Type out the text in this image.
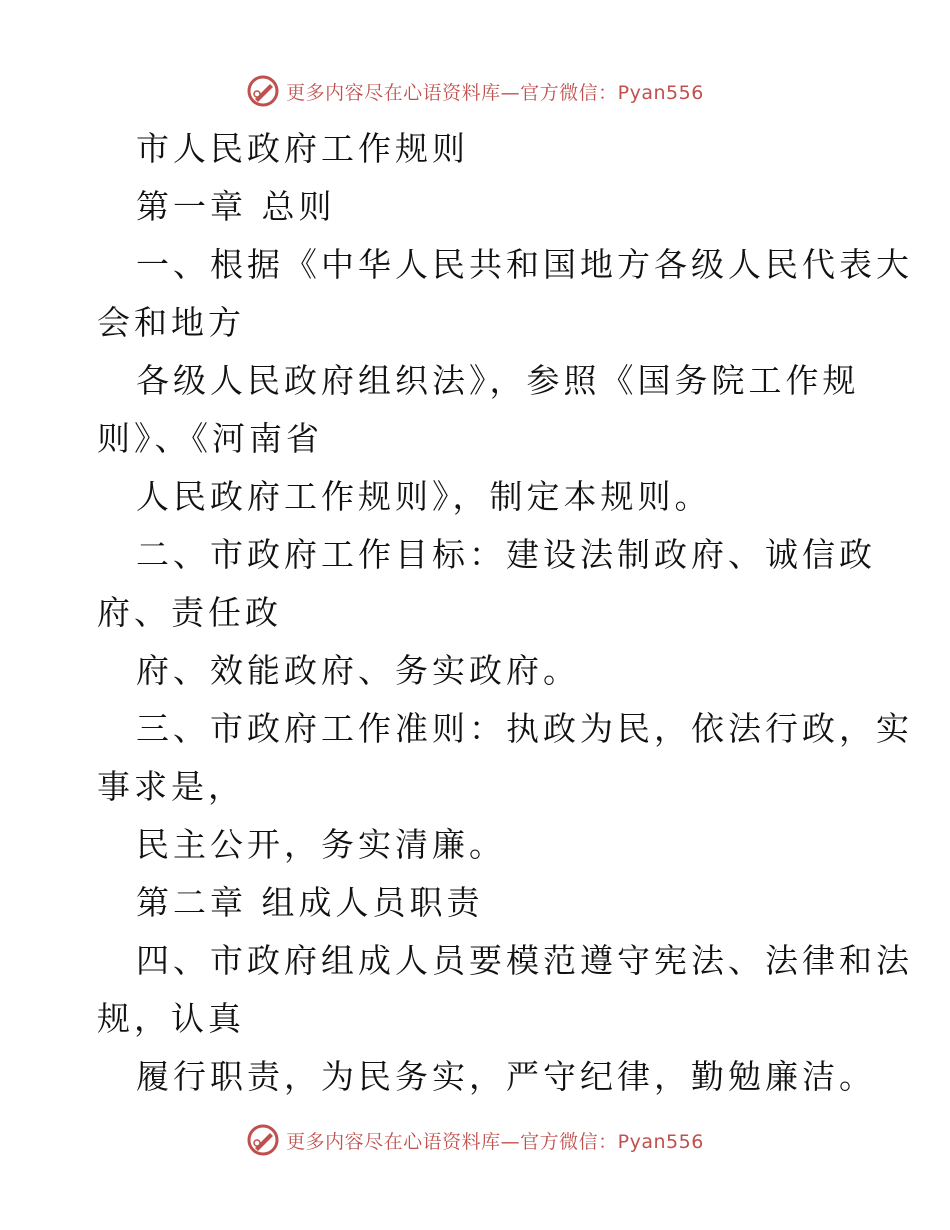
更多内容尽在心语资料库—官方微信：Pyan556
市人民政府工作规则
第一章 总则
一、根据《中华人民共和国地方各级人民代表大
会和地方
各级人民政府组织法》，参照《国务院工作规
则》、《河南省
人民政府工作规则》，制定本规则。
二、市政府工作目标：建设法制政府、诚信政
府、责任政
府、效能政府、务实政府。
三、市政府工作准则：执政为民，依法行政，实
事求是，
民主公开，务实清廉。
第二章 组成人员职责
四、市政府组成人员要模范遵守宪法、法律和法
规，认真
履行职责，为民务实，严守纪律，勤勉廉洁。
更多内容尽在心语资料库—官方微信：Pyan556
